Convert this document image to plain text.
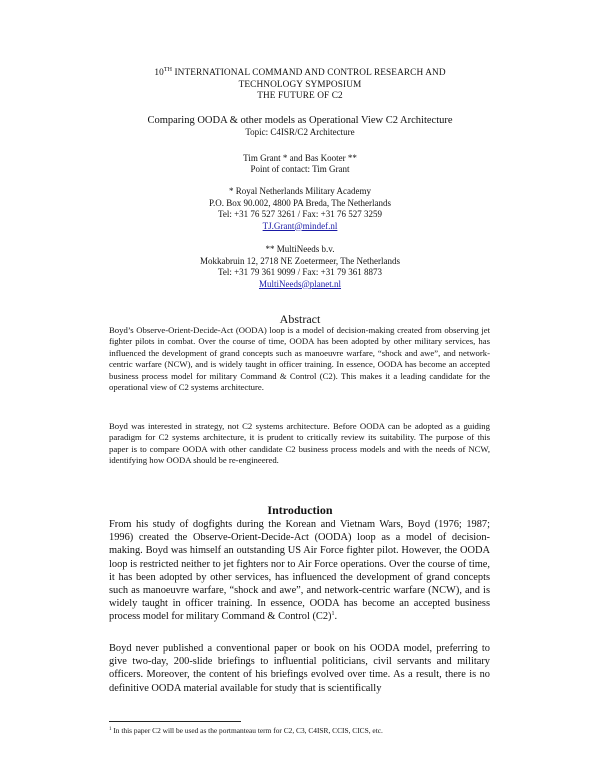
10TH INTERNATIONAL COMMAND AND CONTROL RESEARCH AND
TECHNOLOGY SYMPOSIUM
THE FUTURE OF C2
Comparing OODA & other models as Operational View C2 Architecture
Topic: C4ISR/C2 Architecture
Tim Grant * and Bas Kooter **
Point of contact: Tim Grant
* Royal Netherlands Military Academy
P.O. Box 90.002, 4800 PA Breda, The Netherlands
Tel: +31 76 527 3261 / Fax: +31 76 527 3259
TJ.Grant@mindef.nl
** MultiNeeds b.v.
Mokkabruin 12, 2718 NE Zoetermeer, The Netherlands
Tel: +31 79 361 9099 / Fax: +31 79 361 8873
MultiNeeds@planet.nl
Abstract
Boyd’s Observe-Orient-Decide-Act (OODA) loop is a model of decision-making created from observing jet fighter pilots in combat. Over the course of time, OODA has been adopted by other military services, has influenced the development of grand concepts such as manoeuvre warfare, “shock and awe”, and network-centric warfare (NCW), and is widely taught in officer training. In essence, OODA has become an accepted business process model for military Command & Control (C2). This makes it a leading candidate for the operational view of C2 systems architecture.
Boyd was interested in strategy, not C2 systems architecture. Before OODA can be adopted as a guiding paradigm for C2 systems architecture, it is prudent to critically review its suitability. The purpose of this paper is to compare OODA with other candidate C2 business process models and with the needs of NCW, identifying how OODA should be re-engineered.
Introduction
From his study of dogfights during the Korean and Vietnam Wars, Boyd (1976; 1987; 1996) created the Observe-Orient-Decide-Act (OODA) loop as a model of decision-making. Boyd was himself an outstanding US Air Force fighter pilot. However, the OODA loop is restricted neither to jet fighters nor to Air Force operations. Over the course of time, it has been adopted by other services, has influenced the development of grand concepts such as manoeuvre warfare, “shock and awe”, and network-centric warfare (NCW), and is widely taught in officer training. In essence, OODA has become an accepted business process model for military Command & Control $(C2)^1$.
Boyd never published a conventional paper or book on his OODA model, preferring to give two-day, 200-slide briefings to influential politicians, civil servants and military officers. Moreover, the content of his briefings evolved over time. As a result, there is no definitive OODA material available for study that is scientifically
$^1$ In this paper C2 will be used as the portmanteau term for C2, C3, C4ISR, CCIS, CICS, etc.
